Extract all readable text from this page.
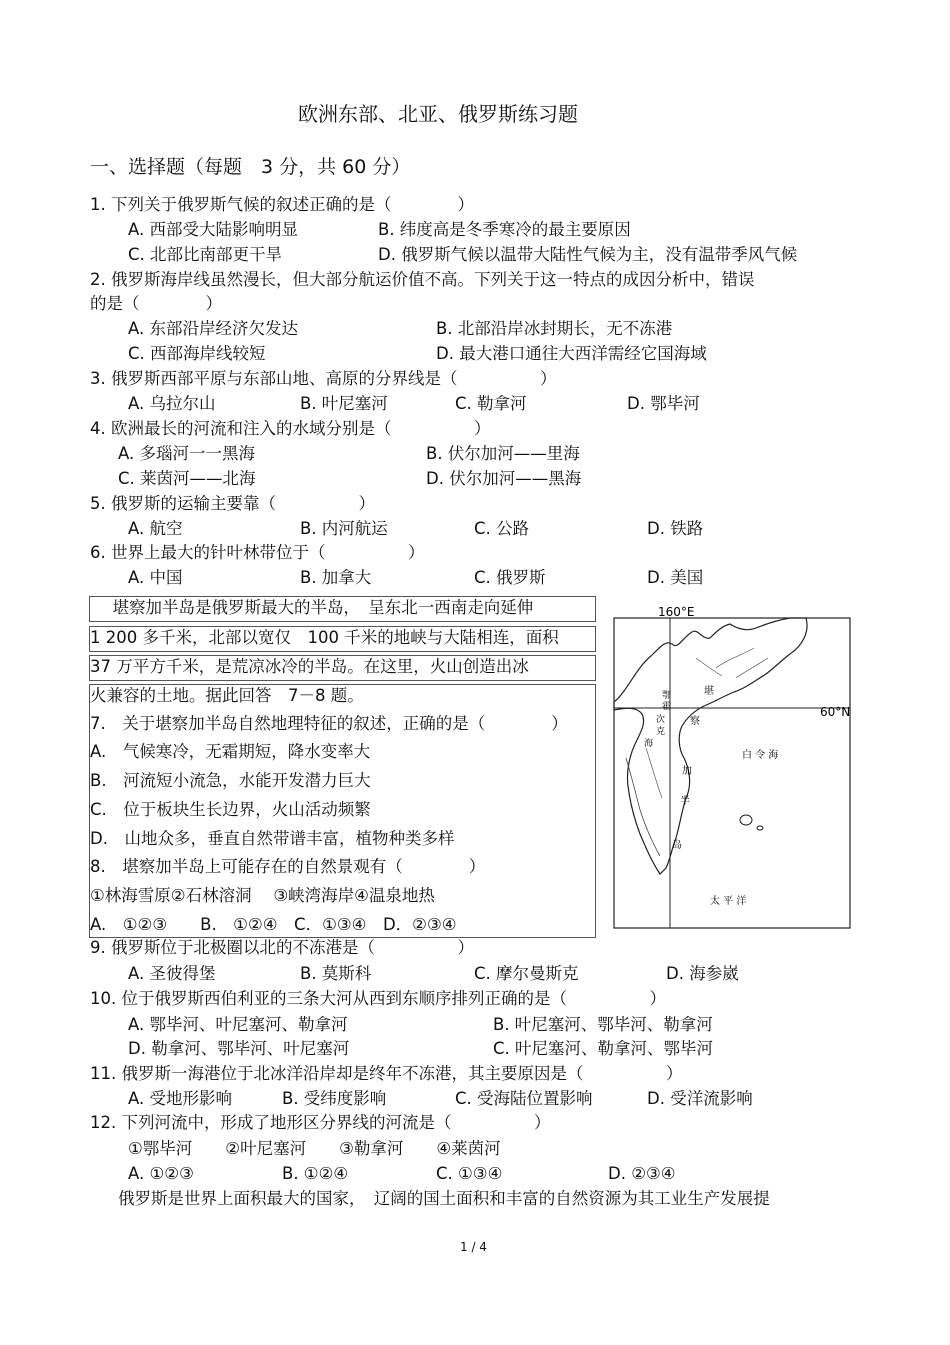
欧洲东部、北亚、俄罗斯练习题
一、选择题（每题　3 分，共 60 分）
1. 下列关于俄罗斯气候的叙述正确的是（　　　　）
A. 西部受大陆影响明显	B. 纬度高是冬季寒冷的最主要原因
C. 北部比南部更干旱	D. 俄罗斯气候以温带大陆性气候为主，没有温带季风气候
2. 俄罗斯海岸线虽然漫长，但大部分航运价值不高。下列关于这一特点的成因分析中，错误
的是（　　　　）
A. 东部沿岸经济欠发达	B. 北部沿岸冰封期长，无不冻港
C. 西部海岸线较短	D. 最大港口通往大西洋需经它国海域
3. 俄罗斯西部平原与东部山地、高原的分界线是（　　　　　）
A. 乌拉尔山	B. 叶尼塞河	C. 勒拿河	D. 鄂毕河
4. 欧洲最长的河流和注入的水域分别是（　　　　　）
A. 多瑙河一一黑海	B. 伏尔加河——里海
C. 莱茵河——北海	D. 伏尔加河——黑海
5. 俄罗斯的运输主要靠（　　　　　）
A. 航空	B. 内河航运	C. 公路	D. 铁路
6. 世界上最大的针叶林带位于（　　　　　）
A. 中国	B. 加拿大	C. 俄罗斯	D. 美国
　堪察加半岛是俄罗斯最大的半岛，　呈东北一西南走向延伸
1 200 多千米，北部以宽仅　100 千米的地峡与大陆相连，面积
37 万平方千米，是荒凉冰冷的半岛。在这里，火山创造出冰
火兼容的土地。据此回答　7－8 题。
7.　关于堪察加半岛自然地理特征的叙述，正确的是（　　　　）
A.　气候寒冷，无霜期短，降水变率大
B.　河流短小流急，水能开发潜力巨大
C.　位于板块生长边界，火山活动频繁
D.　山地众多，垂直自然带谱丰富，植物种类多样
8.　堪察加半岛上可能存在的自然景观有（　　　　）
①林海雪原②石林溶洞　 ③峡湾海岸④温泉地热
A.　①②③　　B.　①②④　C．①③④　D．②③④
160°E
60°N
鄂
霍
次
克
海
堪
察
加
半
岛
白 令 海
太 平 洋
9. 俄罗斯位于北极圈以北的不冻港是（　　　　　）
A. 圣彼得堡	B. 莫斯科	C. 摩尔曼斯克	D. 海参崴
10. 位于俄罗斯西伯利亚的三条大河从西到东顺序排列正确的是（　　　　　）
A. 鄂毕河、叶尼塞河、勒拿河	B. 叶尼塞河、鄂毕河、勒拿河
D. 勒拿河、鄂毕河、叶尼塞河	C. 叶尼塞河、勒拿河、鄂毕河
11. 俄罗斯一海港位于北冰洋沿岸却是终年不冻港，其主要原因是（　　　　　）
A. 受地形影响	B. 受纬度影响	C. 受海陆位置影响	D. 受洋流影响
12. 下列河流中，形成了地形区分界线的河流是（　　　　　）
①鄂毕河　　②叶尼塞河　　③勒拿河　　④莱茵河
A. ①②③	B. ①②④	C. ①③④	D. ②③④
俄罗斯是世界上面积最大的国家，　辽阔的国土面积和丰富的自然资源为其工业生产发展提
1 / 4
